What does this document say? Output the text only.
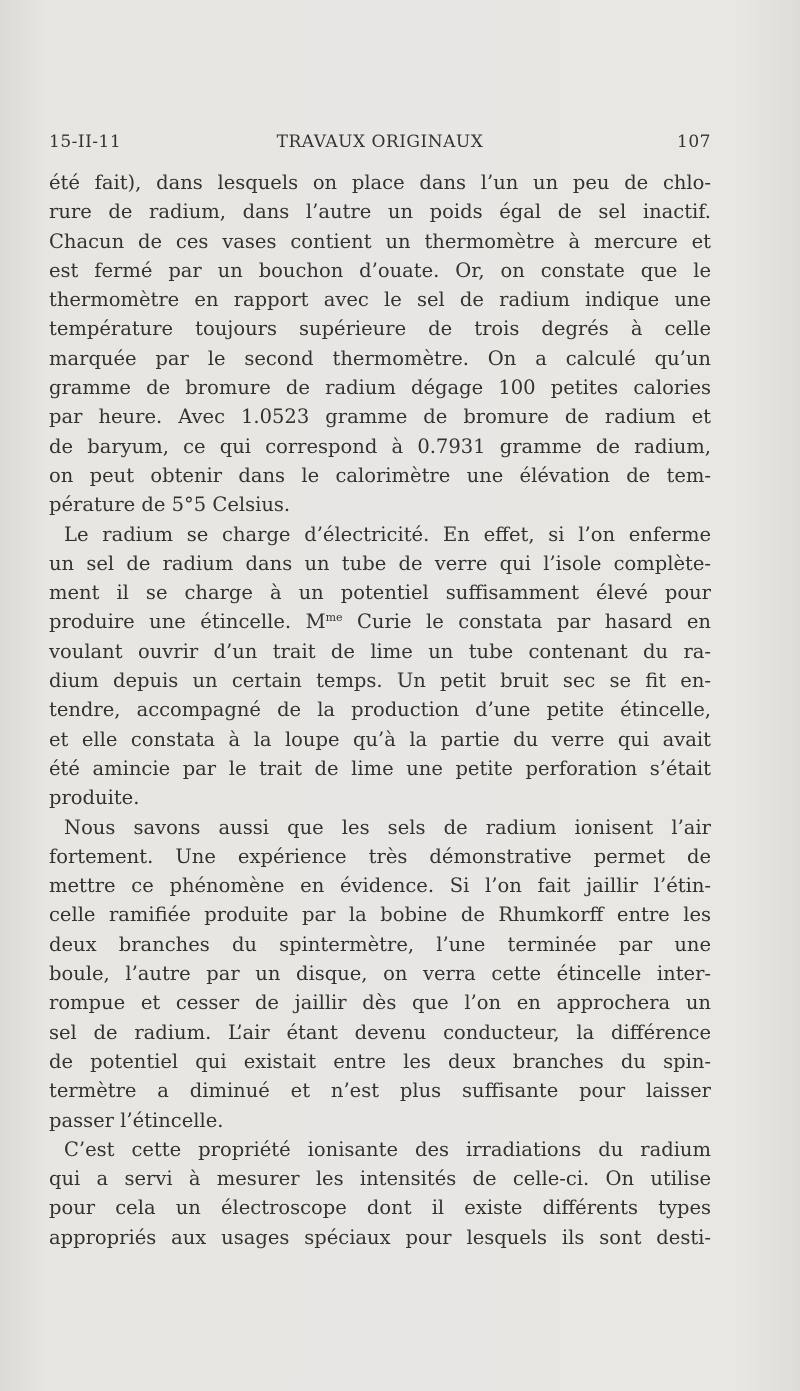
15-II-11	TRAVAUX ORIGINAUX	107
été fait), dans lesquels on place dans l’un un peu de chlo-
rure de radium, dans l’autre un poids égal de sel inactif.
Chacun de ces vases contient un thermomètre à mercure et
est fermé par un bouchon d’ouate. Or, on constate que le
thermomètre en rapport avec le sel de radium indique une
température toujours supérieure de trois degrés à celle
marquée par le second thermomètre. On a calculé qu’un
gramme de bromure de radium dégage 100 petites calories
par heure. Avec 1.0523 gramme de bromure de radium et
de baryum, ce qui correspond à 0.7931 gramme de radium,
on peut obtenir dans le calorimètre une élévation de tem-
pérature de 5°5 Celsius.
Le radium se charge d’électricité. En effet, si l’on enferme
un sel de radium dans un tube de verre qui l’isole complète-
ment il se charge à un potentiel suffisamment élevé pour
produire une étincelle. $M^{me}$ Curie le constata par hasard en
voulant ouvrir d’un trait de lime un tube contenant du ra-
dium depuis un certain temps. Un petit bruit sec se fit en-
tendre, accompagné de la production d’une petite étincelle,
et elle constata à la loupe qu’à la partie du verre qui avait
été amincie par le trait de lime une petite perforation s’était
produite.
Nous savons aussi que les sels de radium ionisent l’air
fortement. Une expérience très démonstrative permet de
mettre ce phénomène en évidence. Si l’on fait jaillir l’étin-
celle ramifiée produite par la bobine de Rhumkorff entre les
deux branches du spintermètre, l’une terminée par une
boule, l’autre par un disque, on verra cette étincelle inter-
rompue et cesser de jaillir dès que l’on en approchera un
sel de radium. L’air étant devenu conducteur, la différence
de potentiel qui existait entre les deux branches du spin-
termètre a diminué et n’est plus suffisante pour laisser
passer l’étincelle.
C’est cette propriété ionisante des irradiations du radium
qui a servi à mesurer les intensités de celle-ci. On utilise
pour cela un électroscope dont il existe différents types
appropriés aux usages spéciaux pour lesquels ils sont desti-
